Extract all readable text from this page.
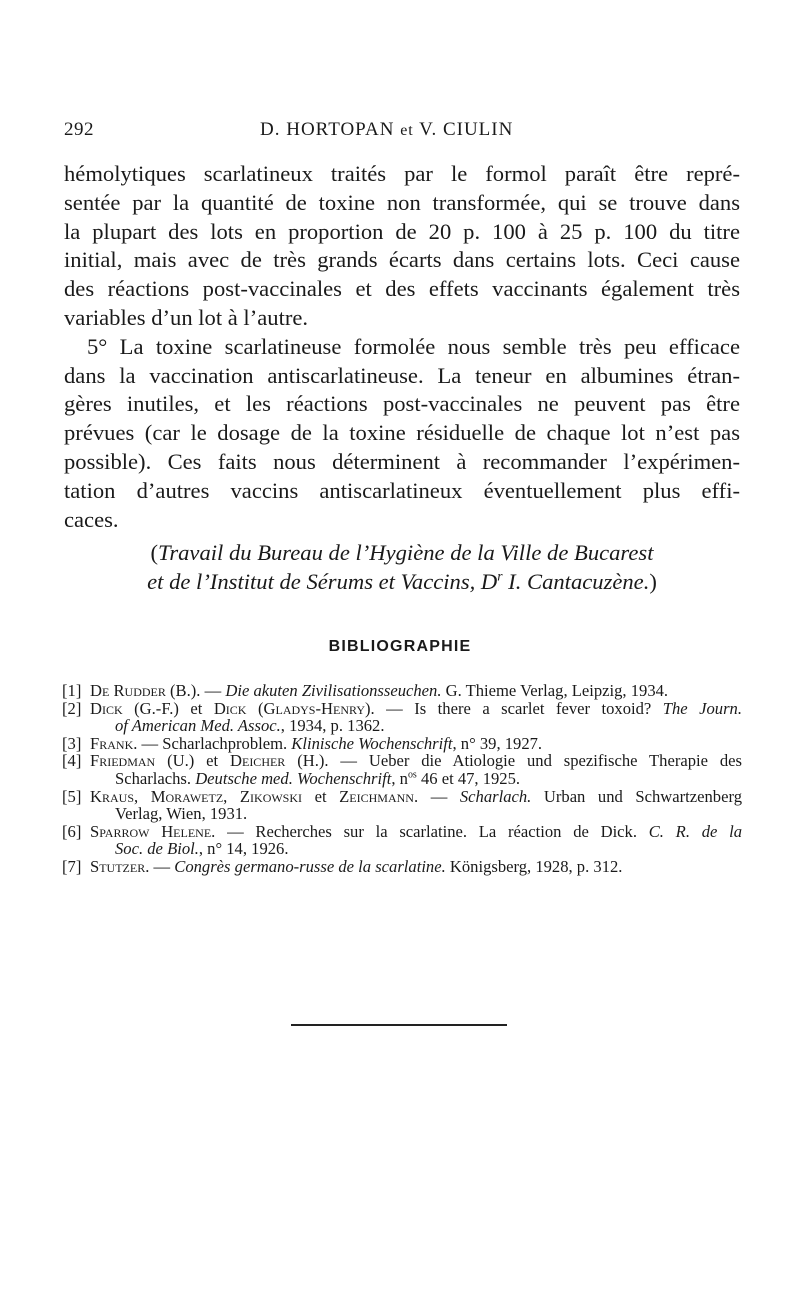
292	D. HORTOPAN et V. CIULIN
hémolytiques scarlatineux traités par le formol paraît être repré-
sentée par la quantité de toxine non transformée, qui se trouve dans
la plupart des lots en proportion de 20 p. 100 à 25 p. 100 du titre
initial, mais avec de très grands écarts dans certains lots. Ceci cause
des réactions post-vaccinales et des effets vaccinants également très
variables d’un lot à l’autre.
5° La toxine scarlatineuse formolée nous semble très peu efficace
dans la vaccination antiscarlatineuse. La teneur en albumines étran-
gères inutiles, et les réactions post-vaccinales ne peuvent pas être
prévues (car le dosage de la toxine résiduelle de chaque lot n’est pas
possible). Ces faits nous déterminent à recommander l’expérimen-
tation d’autres vaccins antiscarlatineux éventuellement plus effi-
caces.
(Travail du Bureau de l’Hygiène de la Ville de Bucarest
et de l’Institut de Sérums et Vaccins, $D^r$ I. Cantacuzène.)
BIBLIOGRAPHIE
[1] De Rudder (B.). — Die akuten Zivilisationsseuchen. G. Thieme Verlag, Leipzig, 1934.
[2] Dick (G.-F.) et Dick (Gladys-Henry). — Is there a scarlet fever toxoid? The Journ.
of American Med. Assoc., 1934, p. 1362.
[3] Frank. — Scharlachproblem. Klinische Wochenschrift, n° 39, 1927.
[4] Friedman (U.) et Deicher (H.). — Ueber die Atiologie und spezifische Therapie des
Scharlachs. Deutsche med. Wochenschrift, $n^{os}$ 46 et 47, 1925.
[5] Kraus, Morawetz, Zikowski et Zeichmann. — Scharlach. Urban und Schwartzenberg
Verlag, Wien, 1931.
[6] Sparrow Helene. — Recherches sur la scarlatine. La réaction de Dick. C. R. de la
Soc. de Biol., n° 14, 1926.
[7] Stutzer. — Congrès germano-russe de la scarlatine. Königsberg, 1928, p. 312.
